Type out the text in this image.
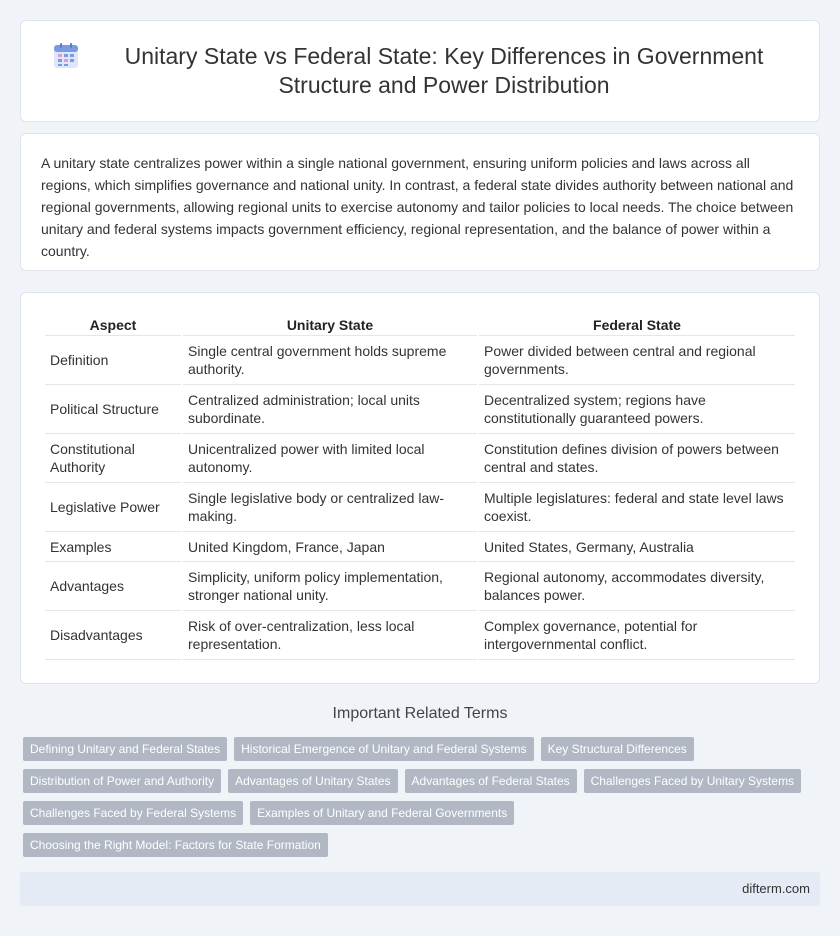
Unitary State vs Federal State: Key Differences in Government Structure and Power Distribution

A unitary state centralizes power within a single national government, ensuring uniform policies and laws across all regions, which simplifies governance and national unity. In contrast, a federal state divides authority between national and regional governments, allowing regional units to exercise autonomy and tailor policies to local needs. The choice between unitary and federal systems impacts government efficiency, regional representation, and the balance of power within a country.

Aspect	Unitary State	Federal State
Definition	Single central government holds supreme authority.	Power divided between central and regional governments.
Political Structure	Centralized administration; local units subordinate.	Decentralized system; regions have constitutionally guaranteed powers.
Constitutional Authority	Unicentralized power with limited local autonomy.	Constitution defines division of powers between central and states.
Legislative Power	Single legislative body or centralized law-making.	Multiple legislatures: federal and state level laws coexist.
Examples	United Kingdom, France, Japan	United States, Germany, Australia
Advantages	Simplicity, uniform policy implementation, stronger national unity.	Regional autonomy, accommodates diversity, balances power.
Disadvantages	Risk of over-centralization, less local representation.	Complex governance, potential for intergovernmental conflict.
Important Related Terms
Defining Unitary and Federal States	Historical Emergence of Unitary and Federal Systems	Key Structural Differences
Distribution of Power and Authority	Advantages of Unitary States	Advantages of Federal States	Challenges Faced by Unitary Systems
Challenges Faced by Federal Systems	Examples of Unitary and Federal Governments
Choosing the Right Model: Factors for State Formation
difterm.com
